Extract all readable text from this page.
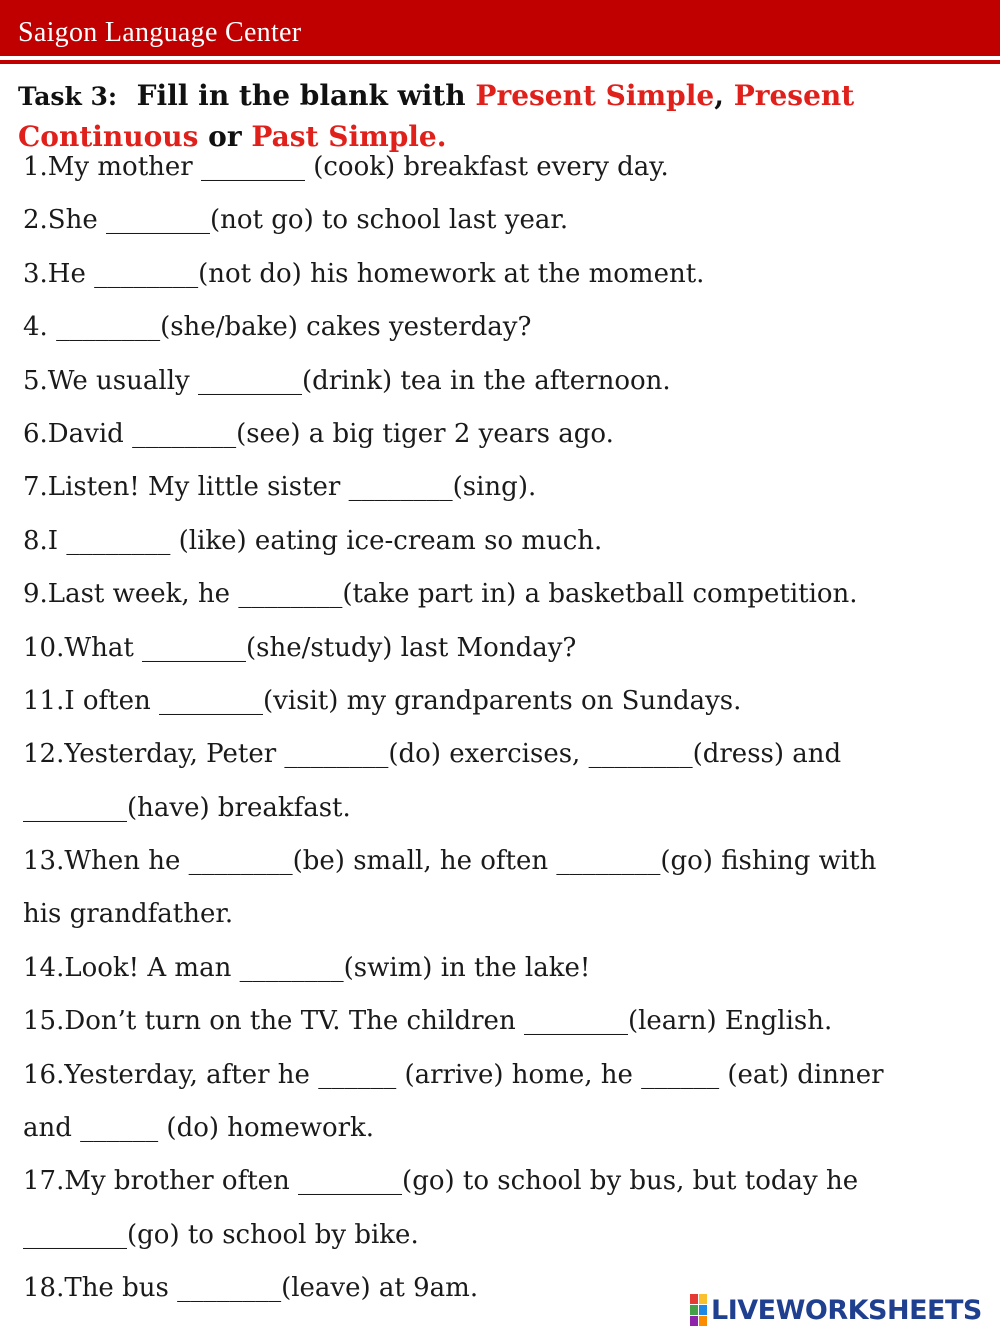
Saigon Language Center
Task 3: Fill in the blank with Present Simple, Present Continuous or Past Simple.
1.My mother ________ (cook) breakfast every day.
2.She ________(not go) to school last year.
3.He ________(not do) his homework at the moment.
4. ________(she/bake) cakes yesterday?
5.We usually ________(drink) tea in the afternoon.
6.David ________(see) a big tiger 2 years ago.
7.Listen! My little sister ________(sing).
8.I ________ (like) eating ice-cream so much.
9.Last week, he ________(take part in) a basketball competition.
10.What ________(she/study) last Monday?
11.I often ________(visit) my grandparents on Sundays.
12.Yesterday, Peter ________(do) exercises, ________(dress) and
________(have) breakfast.
13.When he ________(be) small, he often ________(go) fishing with
his grandfather.
14.Look! A man ________(swim) in the lake!
15.Don’t turn on the TV. The children ________(learn) English.
16.Yesterday, after he ______ (arrive) home, he ______ (eat) dinner
and ______ (do) homework.
17.My brother often ________(go) to school by bus, but today he
________(go) to school by bike.
18.The bus ________(leave) at 9am.
LIVEWORKSHEETS
